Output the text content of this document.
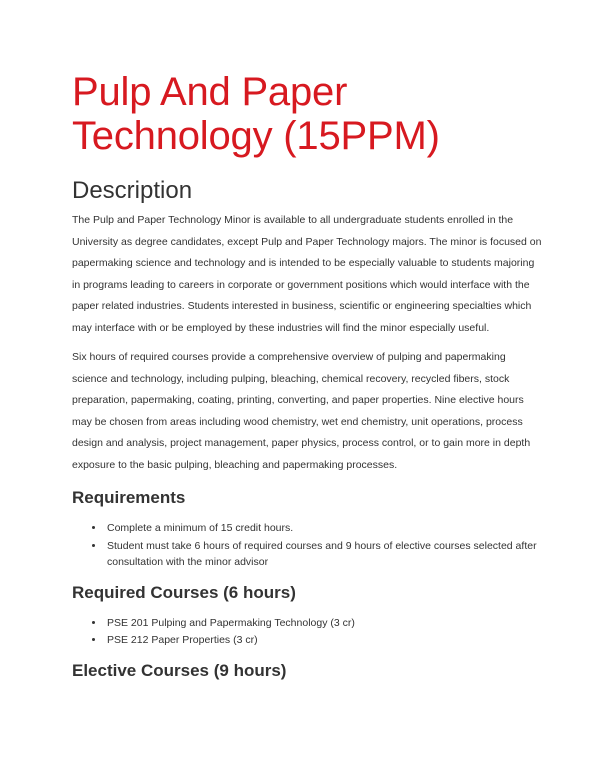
Pulp And Paper Technology (15PPM)
Description

The Pulp and Paper Technology Minor is available to all undergraduate students enrolled in the University as degree candidates, except Pulp and Paper Technology majors. The minor is focused on papermaking science and technology and is intended to be especially valuable to students majoring in programs leading to careers in corporate or government positions which would interface with the paper related industries. Students interested in business, scientific or engineering specialties which may interface with or be employed by these industries will find the minor especially useful.

Six hours of required courses provide a comprehensive overview of pulping and papermaking science and technology, including pulping, bleaching, chemical recovery, recycled fibers, stock preparation, papermaking, coating, printing, converting, and paper properties. Nine elective hours may be chosen from areas including wood chemistry, wet end chemistry, unit operations, process design and analysis, project management, paper physics, process control, or to gain more in depth exposure to the basic pulping, bleaching and papermaking processes.

Requirements
• Complete a minimum of 15 credit hours.
• Student must take 6 hours of required courses and 9 hours of elective courses selected after consultation with the minor advisor
Required Courses (6 hours)
• PSE 201 Pulping and Papermaking Technology (3 cr)
• PSE 212 Paper Properties (3 cr)
Elective Courses (9 hours)
